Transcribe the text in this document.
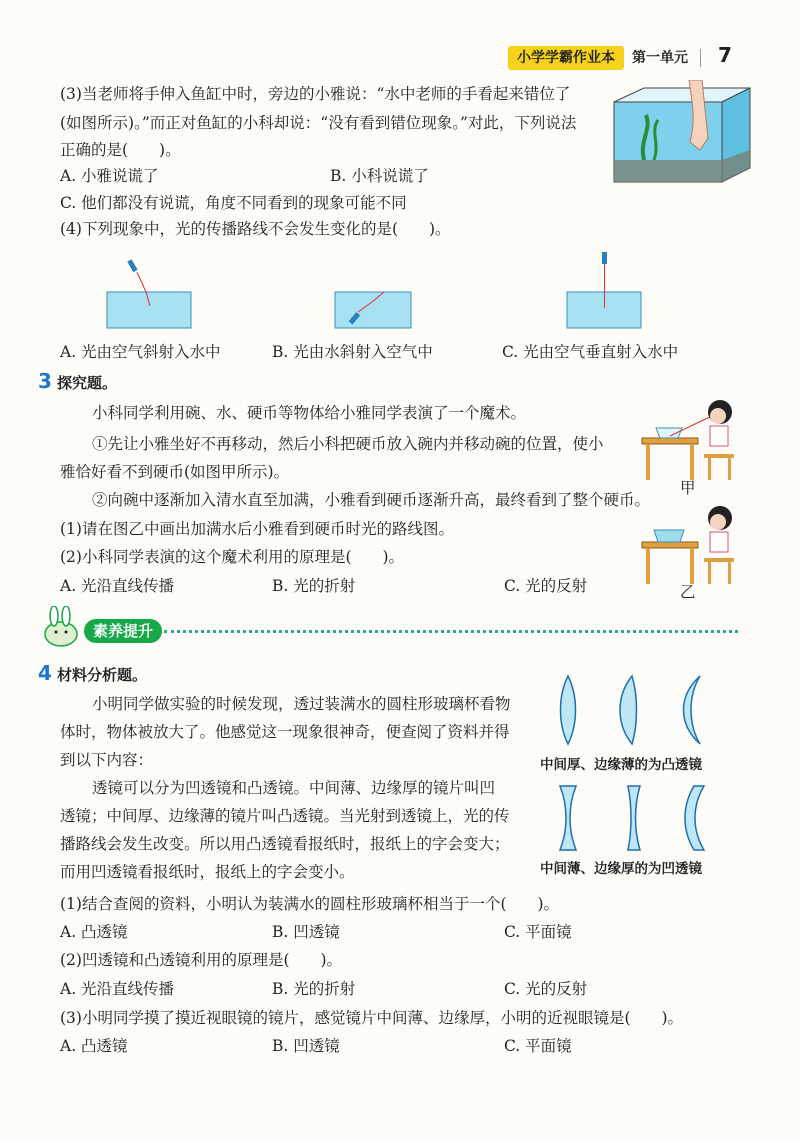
小学学霸作业本	第一单元 7
(3)当老师将手伸入鱼缸中时，旁边的小雅说：“水中老师的手看起来错位了
(如图所示)。”而正对鱼缸的小科却说：“没有看到错位现象。”对此，下列说法
正确的是(　　)。
A. 小雅说谎了	B. 小科说谎了
C. 他们都没有说谎，角度不同看到的现象可能不同
(4)下列现象中，光的传播路线不会发生变化的是(　　)。
A. 光由空气斜射入水中	B. 光由水斜射入空气中	C. 光由空气垂直射入水中
3 探究题。
小科同学利用碗、水、硬币等物体给小雅同学表演了一个魔术。
①先让小雅坐好不再移动，然后小科把硬币放入碗内并移动碗的位置，使小
雅恰好看不到硬币(如图甲所示)。
②向碗中逐渐加入清水直至加满，小雅看到硬币逐渐升高，最终看到了整个硬币。
(1)请在图乙中画出加满水后小雅看到硬币时光的路线图。
(2)小科同学表演的这个魔术利用的原理是(　　)。
A. 光沿直线传播	B. 光的折射	C. 光的反射
甲
乙
素养提升
4 材料分析题。
小明同学做实验的时候发现，透过装满水的圆柱形玻璃杯看物
体时，物体被放大了。他感觉这一现象很神奇，便查阅了资料并得
到以下内容：
透镜可以分为凹透镜和凸透镜。中间薄、边缘厚的镜片叫凹
透镜；中间厚、边缘薄的镜片叫凸透镜。当光射到透镜上，光的传
播路线会发生改变。所以用凸透镜看报纸时，报纸上的字会变大；
而用凹透镜看报纸时，报纸上的字会变小。
中间厚、边缘薄的为凸透镜
中间薄、边缘厚的为凹透镜
(1)结合查阅的资料，小明认为装满水的圆柱形玻璃杯相当于一个(　　)。
A. 凸透镜	B. 凹透镜	C. 平面镜
(2)凹透镜和凸透镜利用的原理是(　　)。
A. 光沿直线传播	B. 光的折射	C. 光的反射
(3)小明同学摸了摸近视眼镜的镜片，感觉镜片中间薄、边缘厚，小明的近视眼镜是(　　)。
A. 凸透镜	B. 凹透镜	C. 平面镜
